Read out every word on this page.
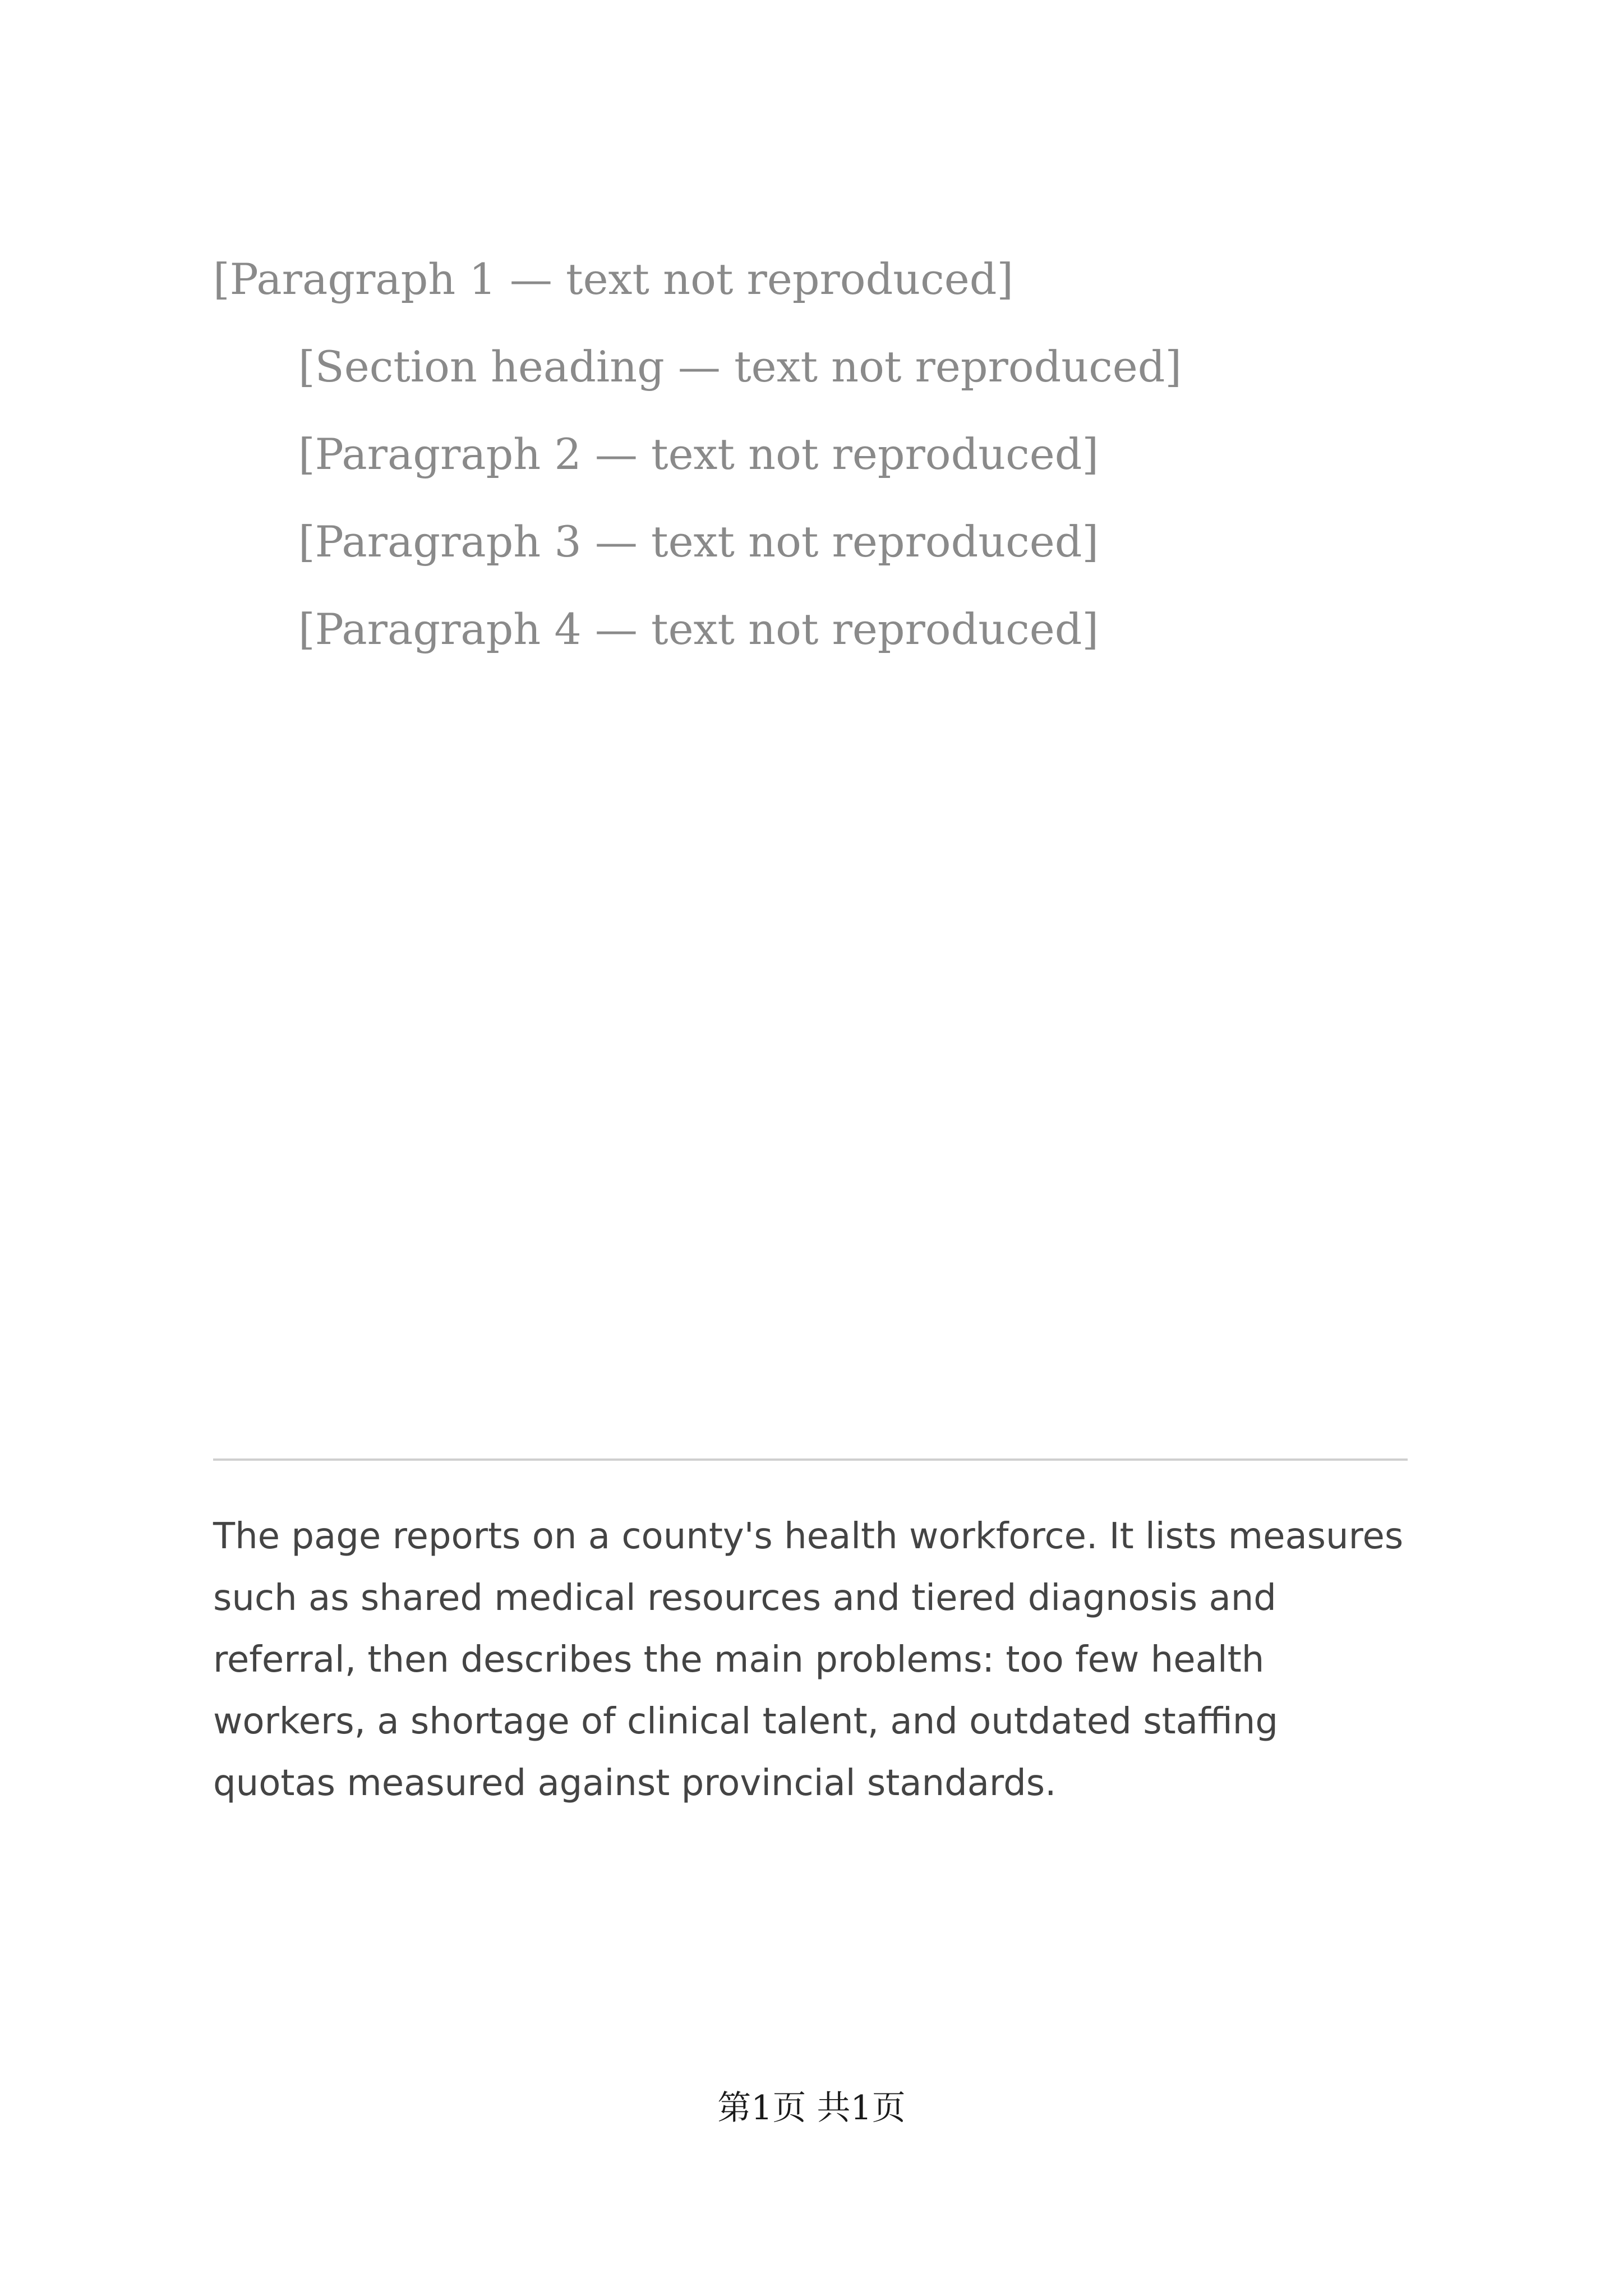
[Paragraph 1 — text not reproduced]

[Section heading — text not reproduced]

[Paragraph 2 — text not reproduced]

[Paragraph 3 — text not reproduced]

[Paragraph 4 — text not reproduced]

The page reports on a county's health workforce. It lists measures such as shared medical resources and tiered diagnosis and referral, then describes the main problems: too few health workers, a shortage of clinical talent, and outdated staffing quotas measured against provincial standards.
第1页 共1页
